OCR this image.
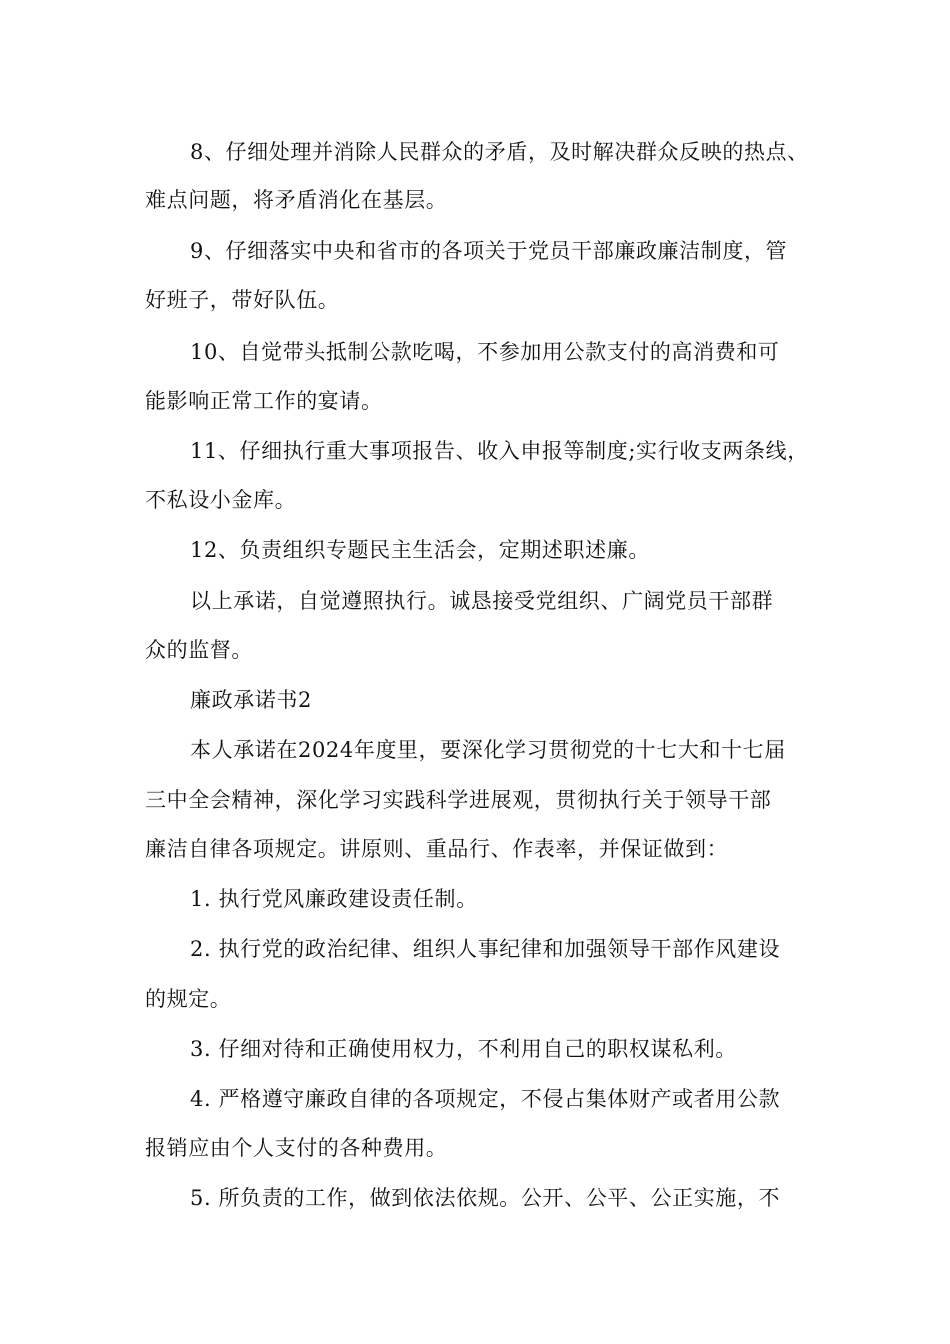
8、仔细处理并消除人民群众的矛盾，及时解决群众反映的热点、
难点问题，将矛盾消化在基层。
9、仔细落实中央和省市的各项关于党员干部廉政廉洁制度，管
好班子，带好队伍。
10、自觉带头抵制公款吃喝，不参加用公款支付的高消费和可
能影响正常工作的宴请。
11、仔细执行重大事项报告、收入申报等制度;实行收支两条线，
不私设小金库。
12、负责组织专题民主生活会，定期述职述廉。
以上承诺，自觉遵照执行。诚恳接受党组织、广阔党员干部群
众的监督。
廉政承诺书2
本人承诺在2024年度里，要深化学习贯彻党的十七大和十七届
三中全会精神，深化学习实践科学进展观，贯彻执行关于领导干部
廉洁自律各项规定。讲原则、重品行、作表率，并保证做到：
1. 执行党风廉政建设责任制。
2. 执行党的政治纪律、组织人事纪律和加强领导干部作风建设
的规定。
3. 仔细对待和正确使用权力，不利用自己的职权谋私利。
4. 严格遵守廉政自律的各项规定，不侵占集体财产或者用公款
报销应由个人支付的各种费用。
5. 所负责的工作，做到依法依规。公开、公平、公正实施，不
